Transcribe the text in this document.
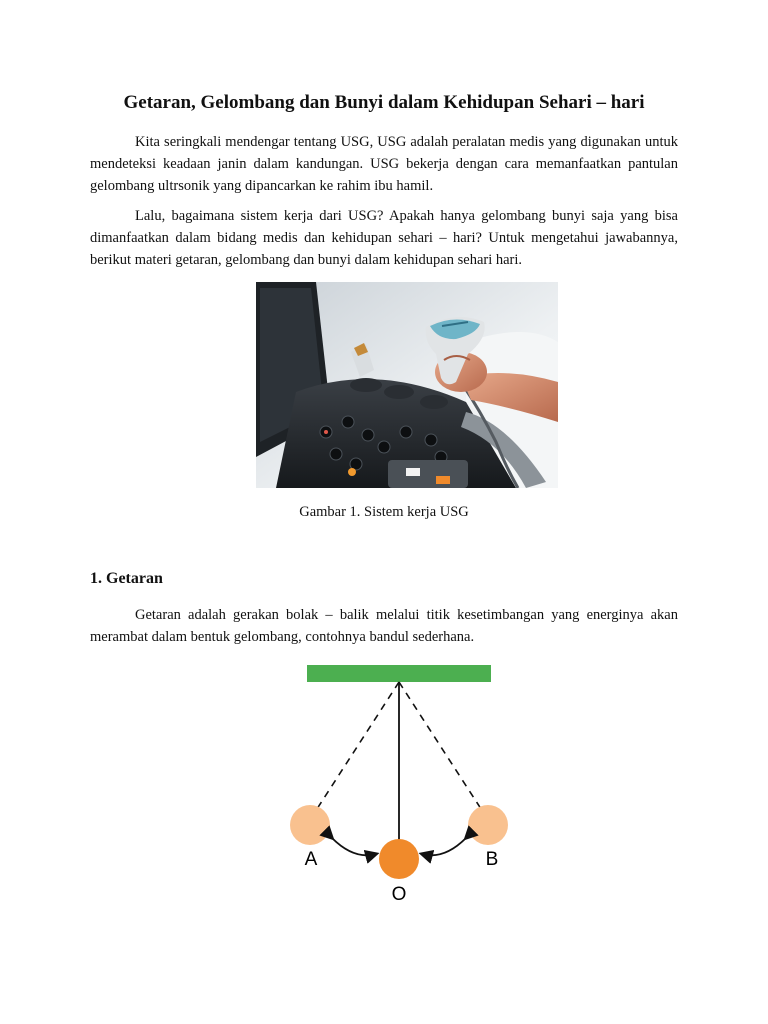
Getaran, Gelombang dan Bunyi dalam Kehidupan Sehari – hari

Kita seringkali mendengar tentang USG, USG adalah peralatan medis yang digunakan untuk mendeteksi keadaan janin dalam kandungan. USG bekerja dengan cara memanfaatkan pantulan gelombang ultrsonik yang dipancarkan ke rahim ibu hamil.

Lalu, bagaimana sistem kerja dari USG? Apakah hanya gelombang bunyi saja yang bisa dimanfaatkan dalam bidang medis dan kehidupan sehari – hari? Untuk mengetahui jawabannya, berikut materi getaran, gelombang dan bunyi dalam kehidupan sehari hari.

Gambar 1. Sistem kerja USG

1. Getaran

Getaran adalah gerakan bolak – balik melalui titik kesetimbangan yang energinya akan merambat dalam bentuk gelombang, contohnya bandul sederhana.

A	B
O
